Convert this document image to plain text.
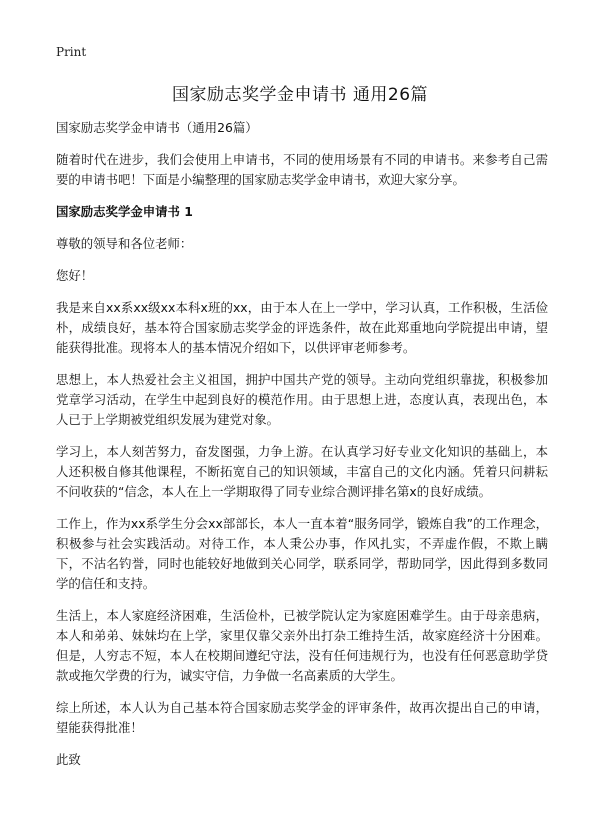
Print
国家励志奖学金申请书 通用26篇

国家励志奖学金申请书（通用26篇）

随着时代在进步，我们会使用上申请书，不同的使用场景有不同的申请书。来参考自己需要的申请书吧！下面是小编整理的国家励志奖学金申请书，欢迎大家分享。

国家励志奖学金申请书 1

尊敬的领导和各位老师：

您好！

我是来自xx系xx级xx本科x班的xx，由于本人在上一学中，学习认真，工作积极，生活俭朴，成绩良好，基本符合国家励志奖学金的评选条件，故在此郑重地向学院提出申请，望能获得批准。现将本人的基本情况介绍如下，以供评审老师参考。

思想上，本人热爱社会主义祖国，拥护中国共产党的领导。主动向党组织靠拢，积极参加党章学习活动，在学生中起到良好的模范作用。由于思想上进，态度认真，表现出色，本人已于上学期被党组织发展为建党对象。

学习上，本人刻苦努力，奋发图强，力争上游。在认真学习好专业文化知识的基础上，本人还积极自修其他课程，不断拓宽自己的知识领域，丰富自己的文化内涵。凭着只问耕耘不问收获的“信念，本人在上一学期取得了同专业综合测评排名第x的良好成绩。

工作上，作为xx系学生分会xx部部长，本人一直本着“服务同学，锻炼自我”的工作理念，积极参与社会实践活动。对待工作，本人秉公办事，作风扎实，不弄虚作假，不欺上瞒下，不沽名钓誉，同时也能较好地做到关心同学，联系同学，帮助同学，因此得到多数同学的信任和支持。

生活上，本人家庭经济困难，生活俭朴，已被学院认定为家庭困难学生。由于母亲患病，本人和弟弟、妹妹均在上学，家里仅靠父亲外出打杂工维持生活，故家庭经济十分困难。但是，人穷志不短，本人在校期间遵纪守法，没有任何违规行为，也没有任何恶意助学贷款或拖欠学费的行为，诚实守信，力争做一名高素质的大学生。

综上所述，本人认为自己基本符合国家励志奖学金的评审条件，故再次提出自己的申请，望能获得批准！

此致
